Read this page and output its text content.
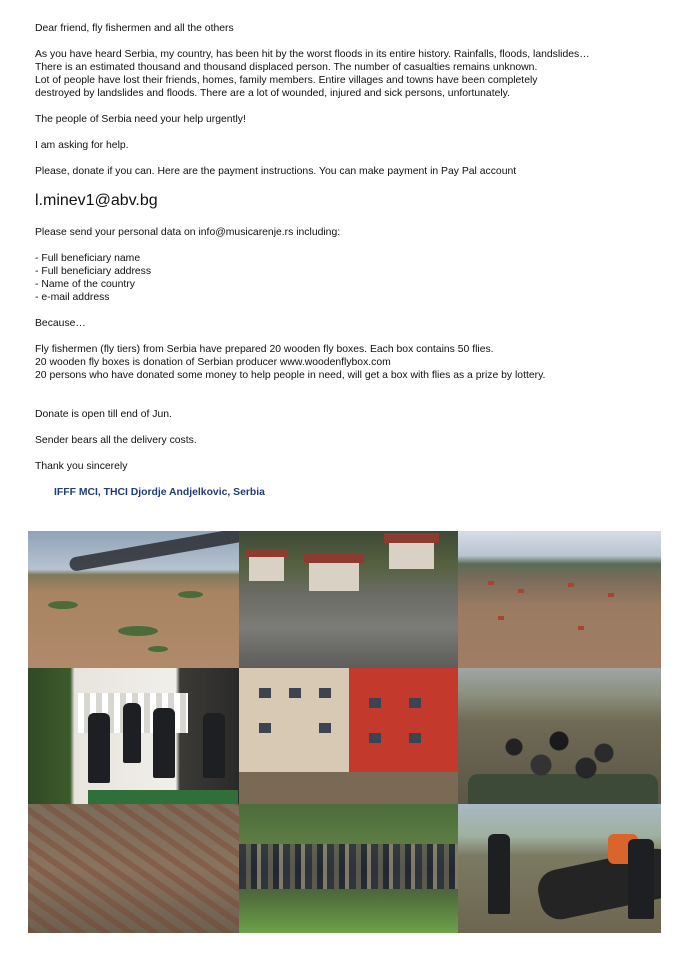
Dear friend, fly fishermen and all the others

As you have heard Serbia, my country, has been hit by the worst floods in its entire history. Rainfalls, floods, landslides…
There is an estimated thousand and thousand displaced person. The number of casualties remains unknown.
Lot of people have lost their friends, homes, family members. Entire villages and towns have been completely
destroyed by landslides and floods. There are a lot of wounded, injured and sick persons, unfortunately.

The people of Serbia need your help urgently!

I am asking for help.

Please, donate if you can. Here are the payment instructions. You can make payment in Pay Pal account

l.minev1@abv.bg

Please send your personal data on info@musicarenje.rs including:

- Full beneficiary name
- Full beneficiary address
- Name of the country
- e-mail address

Because…

Fly fishermen (fly tiers) from Serbia have prepared 20 wooden fly boxes. Each box contains 50 flies.
20 wooden fly boxes is donation of Serbian producer www.woodenflybox.com
20 persons who have donated some money to help people in need, will get a box with flies as a prize by lottery.

Donate is open till end of Jun.

Sender bears all the delivery costs.

Thank you sincerely

IFFF MCI, THCI Djordje Andjelkovic, Serbia
